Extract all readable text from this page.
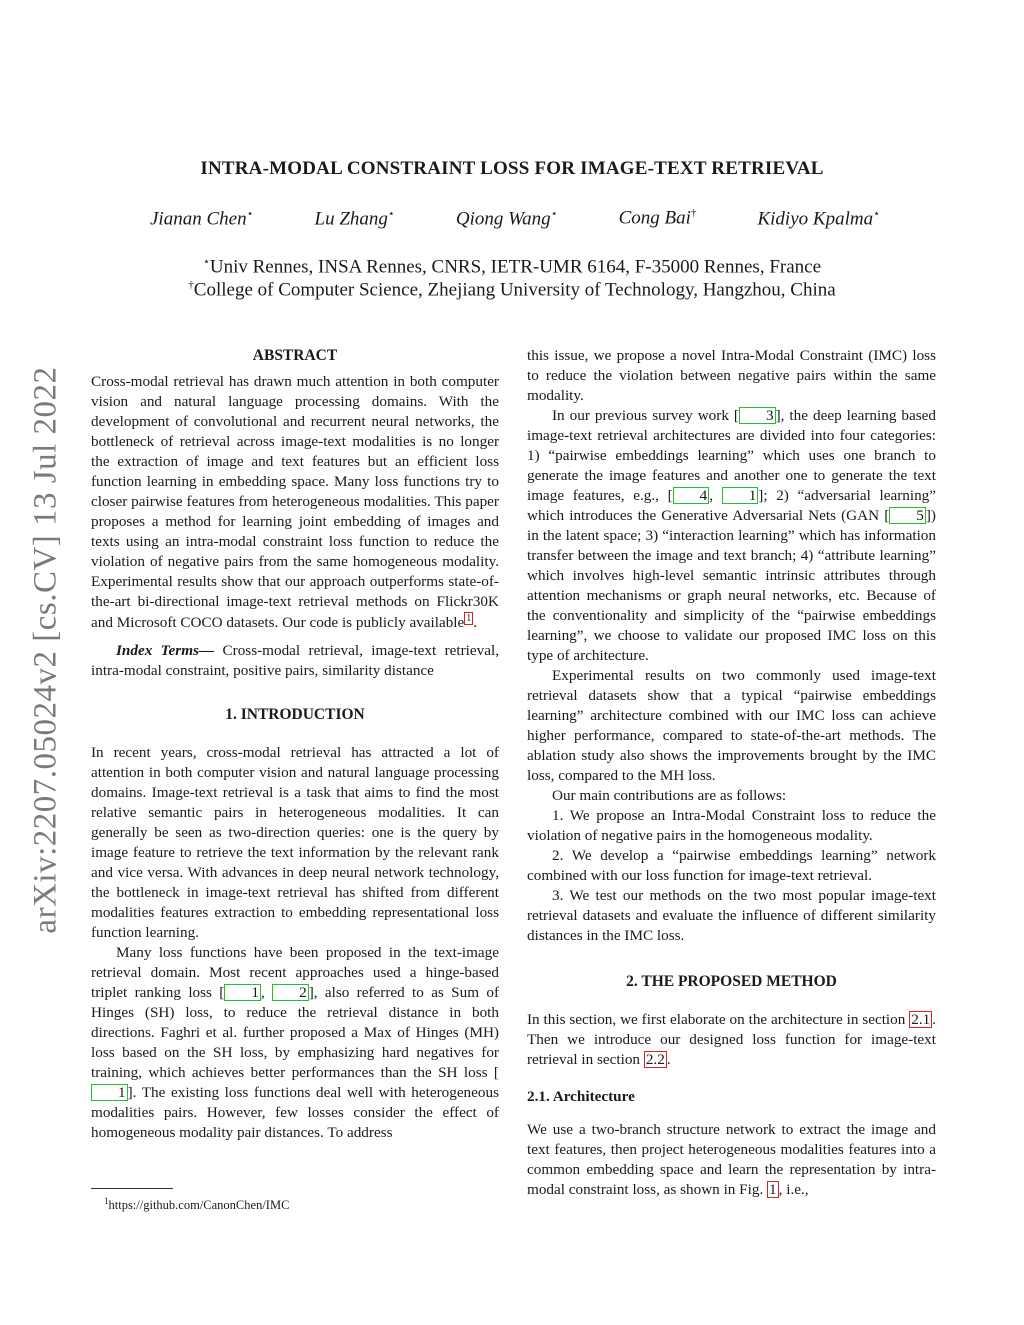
arXiv:2207.05024v2 [cs.CV] 13 Jul 2022
INTRA-MODAL CONSTRAINT LOSS FOR IMAGE-TEXT RETRIEVAL
Jianan Chen⋆	Lu Zhang⋆	Qiong Wang⋆	Cong Bai†	Kidiyo Kpalma⋆
⋆Univ Rennes, INSA Rennes, CNRS, IETR-UMR 6164, F-35000 Rennes, France
†College of Computer Science, Zhejiang University of Technology, Hangzhou, China
ABSTRACT

Cross-modal retrieval has drawn much attention in both computer vision and natural language processing domains. With the development of convolutional and recurrent neural networks, the bottleneck of retrieval across image-text modalities is no longer the extraction of image and text features but an efficient loss function learning in embedding space. Many loss functions try to closer pairwise features from heterogeneous modalities. This paper proposes a method for learning joint embedding of images and texts using an intra-modal constraint loss function to reduce the violation of negative pairs from the same homogeneous modality. Experimental results show that our approach outperforms state-of-the-art bi-directional image-text retrieval methods on Flickr30K and Microsoft COCO datasets. Our code is publicly available 1 .

Index Terms— Cross-modal retrieval, image-text retrieval, intra-modal constraint, positive pairs, similarity distance

1. INTRODUCTION

In recent years, cross-modal retrieval has attracted a lot of attention in both computer vision and natural language processing domains. Image-text retrieval is a task that aims to find the most relative semantic pairs in heterogeneous modalities. It can generally be seen as two-direction queries: one is the query by image feature to retrieve the text information by the relevant rank and vice versa. With advances in deep neural network technology, the bottleneck in image-text retrieval has shifted from different modalities features extraction to embedding representational loss function learning.

Many loss functions have been proposed in the text-image retrieval domain. Most recent approaches used a hinge-based triplet ranking loss [ 1 , 2 ], also referred to as Sum of Hinges (SH) loss, to reduce the retrieval distance in both directions. Faghri et al. further proposed a Max of Hinges (MH) loss based on the SH loss, by emphasizing hard negatives for training, which achieves better performances than the SH loss [1 ]. The existing loss functions deal well with heterogeneous modalities pairs. However, few losses consider the effect of homogeneous modality pair distances. To address

this issue, we propose a novel Intra-Modal Constraint (IMC) loss to reduce the violation between negative pairs within the same modality.

In our previous survey work [ 3 ], the deep learning based image-text retrieval architectures are divided into four categories: 1) “pairwise embeddings learning” which uses one branch to generate the image features and another one to generate the text image features, e.g., [ 4 , 1 ]; 2) “adversarial learning” which introduces the Generative Adversarial Nets (GAN [ 5 ]) in the latent space; 3) “interaction learning” which has information transfer between the image and text branch; 4) “attribute learning” which involves high-level semantic intrinsic attributes through attention mechanisms or graph neural networks, etc. Because of the conventionality and simplicity of the “pairwise embeddings learning”, we choose to validate our proposed IMC loss on this type of architecture.

Experimental results on two commonly used image-text retrieval datasets show that a typical “pairwise embeddings learning” architecture combined with our IMC loss can achieve higher performance, compared to state-of-the-art methods. The ablation study also shows the improvements brought by the IMC loss, compared to the MH loss.

Our main contributions are as follows:

1. We propose an Intra-Modal Constraint loss to reduce the violation of negative pairs in the homogeneous modality.

2. We develop a “pairwise embeddings learning” network combined with our loss function for image-text retrieval.

3. We test our methods on the two most popular image-text retrieval datasets and evaluate the influence of different similarity distances in the IMC loss.

2. THE PROPOSED METHOD

In this section, we first elaborate on the architecture in section 2.1 . Then we introduce our designed loss function for image-text retrieval in section 2.2 .

2.1. Architecture

We use a two-branch structure network to extract the image and text features, then project heterogeneous modalities features into a common embedding space and learn the representation by intra-modal constraint loss, as shown in Fig. 1 , i.e.,

$^1$https://github.com/CanonChen/IMC
